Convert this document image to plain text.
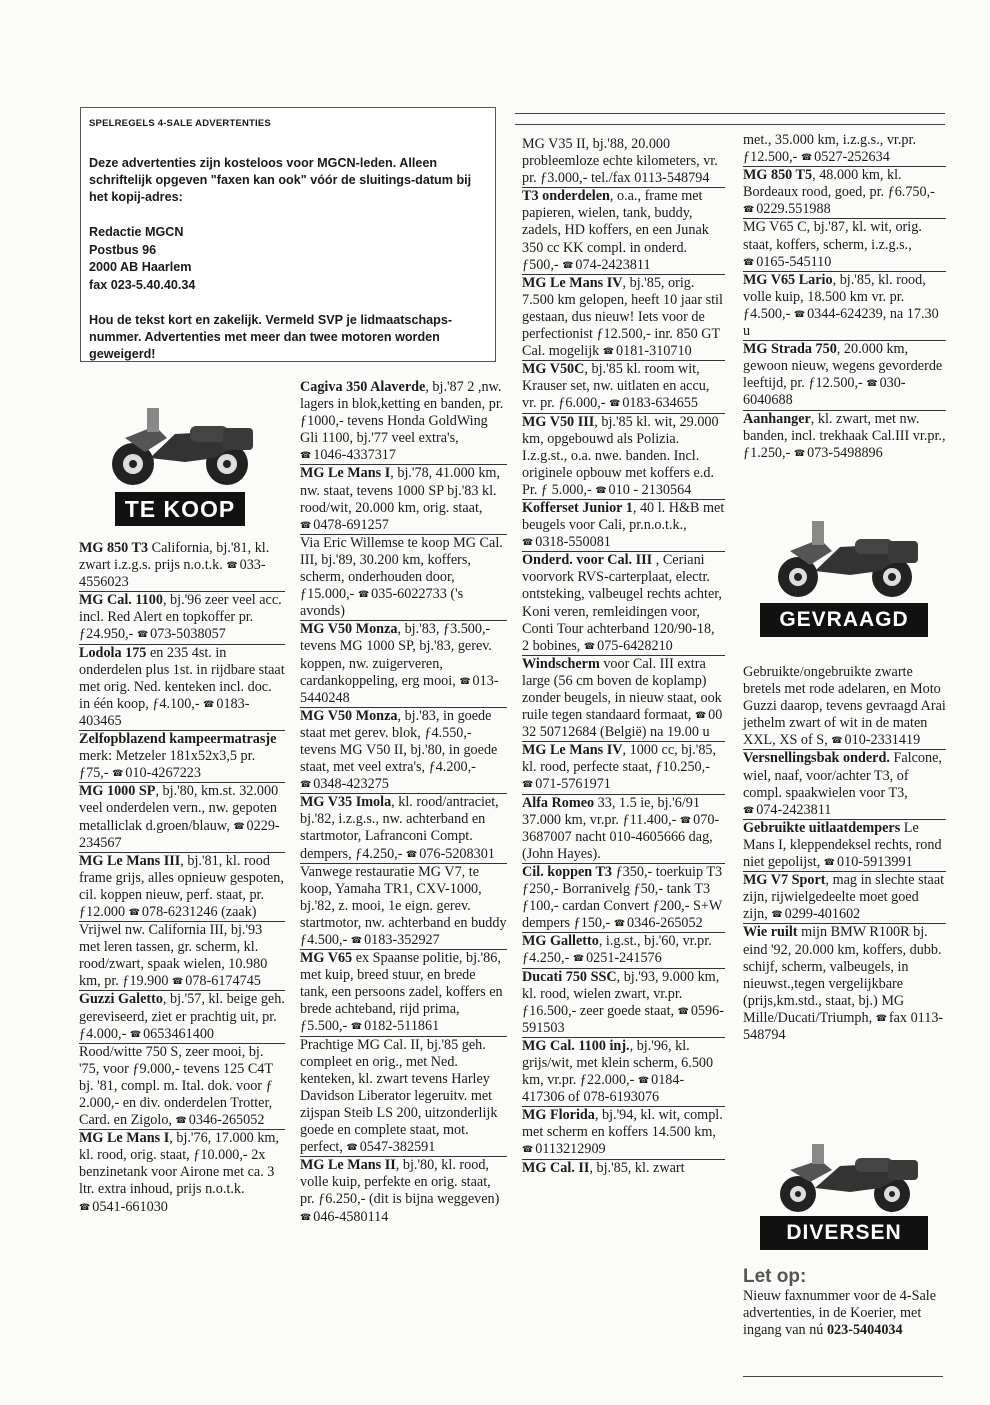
SPELREGELS 4-SALE ADVERTENTIES

Deze advertenties zijn kosteloos voor MGCN-leden. Alleen schriftelijk opgeven "faxen kan ook" vóór de sluitings-datum bij het kopij-adres:

Redactie MGCN
Postbus 96
2000 AB Haarlem
fax 023-5.40.40.34

Hou de tekst kort en zakelijk. Vermeld SVP je lidmaatschaps-nummer. Advertenties met meer dan twee motoren worden geweigerd!

TE KOOP
GEVRAAGD
DIVERSEN
MG 850 T3 California, bj.'81, kl. zwart i.z.g.s. prijs n.o.t.k. ☎ 033-4556023
MG Cal. 1100, bj.'96 zeer veel acc. incl. Red Alert en topkoffer pr. ƒ24.950,- ☎ 073-5038057
Lodola 175 en 235 4st. in onderdelen plus 1st. in rijdbare staat met orig. Ned. kenteken incl. doc. in één koop, ƒ4.100,- ☎ 0183-403465
Zelfopblazend kampeermatrasje merk: Metzeler 181x52x3,5 pr. ƒ75,- ☎ 010-4267223
MG 1000 SP, bj.'80, km.st. 32.000 veel onderdelen vern., nw. gepoten metalliclak d.groen/blauw, ☎ 0229-234567
MG Le Mans III, bj.'81, kl. rood frame grijs, alles opnieuw gespoten, cil. koppen nieuw, perf. staat, pr. ƒ12.000 ☎ 078-6231246 (zaak)
Vrijwel nw. California III, bj.'93 met leren tassen, gr. scherm, kl. rood/zwart, spaak wielen, 10.980 km, pr. ƒ19.900 ☎ 078-6174745
Guzzi Galetto, bj.'57, kl. beige geh. gereviseerd, ziet er prachtig uit, pr. ƒ4.000,- ☎ 0653461400
Rood/witte 750 S, zeer mooi, bj. '75, voor ƒ9.000,- tevens 125 C4T bj. '81, compl. m. Ital. dok. voor ƒ 2.000,- en div. onderdelen Trotter, Card. en Zigolo, ☎ 0346-265052
MG Le Mans I, bj.'76, 17.000 km, kl. rood, orig. staat, ƒ10.000,- 2x benzinetank voor Airone met ca. 3 ltr. extra inhoud, prijs n.o.t.k. ☎ 0541-661030
Cagiva 350 Alaverde, bj.'87 2 ,nw. lagers in blok,ketting en banden, pr. ƒ1000,- tevens Honda GoldWing Gli 1100, bj.'77 veel extra's, ☎ 1046-4337317
MG Le Mans I, bj.'78, 41.000 km, nw. staat, tevens 1000 SP bj.'83 kl. rood/wit, 20.000 km, orig. staat, ☎ 0478-691257
Via Eric Willemse te koop MG Cal. III, bj.'89, 30.200 km, koffers, scherm, onderhouden door, ƒ15.000,- ☎ 035-6022733 ('s avonds)
MG V50 Monza, bj.'83, ƒ3.500,- tevens MG 1000 SP, bj.'83, gerev. koppen, nw. zuigerveren, cardankoppeling, erg mooi, ☎ 013-5440248
MG V50 Monza, bj.'83, in goede staat met gerev. blok, ƒ4.550,- tevens MG V50 II, bj.'80, in goede staat, met veel extra's, ƒ4.200,- ☎ 0348-423275
MG V35 Imola, kl. rood/antraciet, bj.'82, i.z.g.s., nw. achterband en startmotor, Lafranconi Compt. dempers, ƒ4.250,- ☎ 076-5208301
Vanwege restauratie MG V7, te koop, Yamaha TR1, CXV-1000, bj.'82, z. mooi, 1e eign. gerev. startmotor, nw. achterband en buddy ƒ4.500,- ☎ 0183-352927
MG V65 ex Spaanse politie, bj.'86, met kuip, breed stuur, en brede tank, een persoons zadel, koffers en brede achteband, rijd prima, ƒ5.500,- ☎ 0182-511861
Prachtige MG Cal. II, bj.'85 geh. compleet en orig., met Ned. kenteken, kl. zwart tevens Harley Davidson Liberator legeruitv. met zijspan Steib LS 200, uitzonderlijk goede en complete staat, mot. perfect, ☎ 0547-382591
MG Le Mans II, bj.'80, kl. rood, volle kuip, perfekte en orig. staat, pr. ƒ6.250,- (dit is bijna weggeven) ☎ 046-4580114
MG V35 II, bj.'88, 20.000 probleemloze echte kilometers, vr. pr. ƒ3.000,- tel./fax 0113-548794
T3 onderdelen, o.a., frame met papieren, wielen, tank, buddy, zadels, HD koffers, en een Junak 350 cc KK compl. in onderd. ƒ500,- ☎ 074-2423811
MG Le Mans IV, bj.'85, orig. 7.500 km gelopen, heeft 10 jaar stil gestaan, dus nieuw! Iets voor de perfectionist ƒ12.500,- inr. 850 GT Cal. mogelijk ☎ 0181-310710
MG V50C, bj.'85 kl. room wit, Krauser set, nw. uitlaten en accu, vr. pr. ƒ6.000,- ☎ 0183-634655
MG V50 III, bj.'85 kl. wit, 29.000 km, opgebouwd als Polizia. I.z.g.st., o.a. nwe. banden. Incl. originele opbouw met koffers e.d. Pr. ƒ 5.000,- ☎ 010 - 2130564
Kofferset Junior 1, 40 l. H&B met beugels voor Cali, pr.n.o.t.k., ☎ 0318-550081
Onderd. voor Cal. III , Ceriani voorvork RVS-carterplaat, electr. ontsteking, valbeugel rechts achter, Koni veren, remleidingen voor, Conti Tour achterband 120/90-18, 2 bobines, ☎ 075-6428210
Windscherm voor Cal. III extra large (56 cm boven de koplamp) zonder beugels, in nieuw staat, ook ruile tegen standaard formaat, ☎ 00 32 50712684 (België) na 19.00 u
MG Le Mans IV, 1000 cc, bj.'85, kl. rood, perfecte staat, ƒ10.250,- ☎ 071-5761971
Alfa Romeo 33, 1.5 ie, bj.'6/91 37.000 km, vr.pr. ƒ11.400,- ☎ 070-3687007 nacht 010-4605666 dag, (John Hayes).
Cil. koppen T3 ƒ350,- toerkuip T3 ƒ250,- Borranivelg ƒ50,- tank T3 ƒ100,- cardan Convert ƒ200,- S+W dempers ƒ150,- ☎ 0346-265052
MG Galletto, i.g.st., bj.'60, vr.pr. ƒ4.250,- ☎ 0251-241576
Ducati 750 SSC, bj.'93, 9.000 km, kl. rood, wielen zwart, vr.pr. ƒ16.500,- zeer goede staat, ☎ 0596-591503
MG Cal. 1100 inj., bj.'96, kl. grijs/wit, met klein scherm, 6.500 km, vr.pr. ƒ22.000,- ☎ 0184-417306 of 078-6193076
MG Florida, bj.'94, kl. wit, compl. met scherm en koffers 14.500 km, ☎ 0113212909
MG Cal. II, bj.'85, kl. zwart
met., 35.000 km, i.z.g.s., vr.pr. ƒ12.500,- ☎ 0527-252634
MG 850 T5, 48.000 km, kl. Bordeaux rood, goed, pr. ƒ6.750,- ☎ 0229.551988
MG V65 C, bj.'87, kl. wit, orig. staat, koffers, scherm, i.z.g.s., ☎ 0165-545110
MG V65 Lario, bj.'85, kl. rood, volle kuip, 18.500 km vr. pr. ƒ4.500,- ☎ 0344-624239, na 17.30 u
MG Strada 750, 20.000 km, gewoon nieuw, wegens gevorderde leeftijd, pr. ƒ12.500,- ☎ 030-6040688
Aanhanger, kl. zwart, met nw. banden, incl. trekhaak Cal.III vr.pr., ƒ1.250,- ☎ 073-5498896
Gebruikte/ongebruikte zwarte bretels met rode adelaren, en Moto Guzzi daarop, tevens gevraagd Arai jethelm zwart of wit in de maten XXL, XS of S, ☎ 010-2331419
Versnellingsbak onderd. Falcone, wiel, naaf, voor/achter T3, of compl. spaakwielen voor T3, ☎ 074-2423811
Gebruikte uitlaatdempers Le Mans I, kleppendeksel rechts, rond niet gepolijst, ☎ 010-5913991
MG V7 Sport, mag in slechte staat zijn, rijwielgedeelte moet goed zijn, ☎ 0299-401602
Wie ruilt mijn BMW R100R bj. eind '92, 20.000 km, koffers, dubb. schijf, scherm, valbeugels, in nieuwst.,tegen vergelijkbare (prijs,km.std., staat, bj.) MG Mille/Ducati/Triumph, ☎ fax 0113-548794
Let op:
Nieuw faxnummer voor de 4-Sale advertenties, in de Koerier, met ingang van nú 023-5404034
